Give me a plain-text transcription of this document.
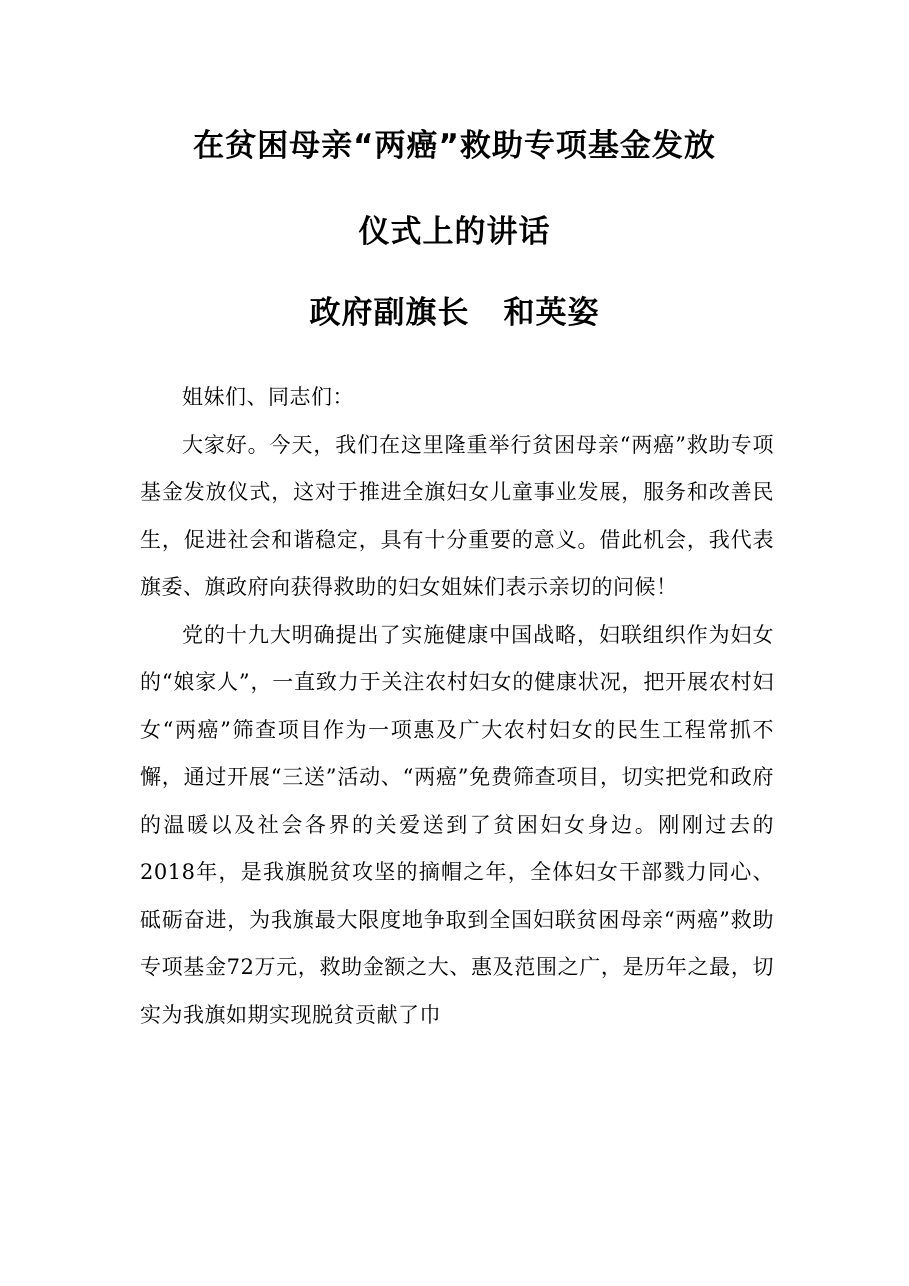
在贫困母亲“两癌”救助专项基金发放
仪式上的讲话
政府副旗长 和英姿

姐妹们、同志们：

大家好。今天，我们在这里隆重举行贫困母亲“两癌”救助专项基金发放仪式，这对于推进全旗妇女儿童事业发展，服务和改善民生，促进社会和谐稳定，具有十分重要的意义。借此机会，我代表旗委、旗政府向获得救助的妇女姐妹们表示亲切的问候！

党的十九大明确提出了实施健康中国战略，妇联组织作为妇女的“娘家人”，一直致力于关注农村妇女的健康状况，把开展农村妇女“两癌”筛查项目作为一项惠及广大农村妇女的民生工程常抓不懈，通过开展“三送”活动、“两癌”免费筛查项目，切实把党和政府的温暖以及社会各界的关爱送到了贫困妇女身边。刚刚过去的2018年，是我旗脱贫攻坚的摘帽之年，全体妇女干部戮力同心、砥砺奋进，为我旗最大限度地争取到全国妇联贫困母亲“两癌”救助专项基金72万元，救助金额之大、惠及范围之广，是历年之最，切实为我旗如期实现脱贫贡献了巾
